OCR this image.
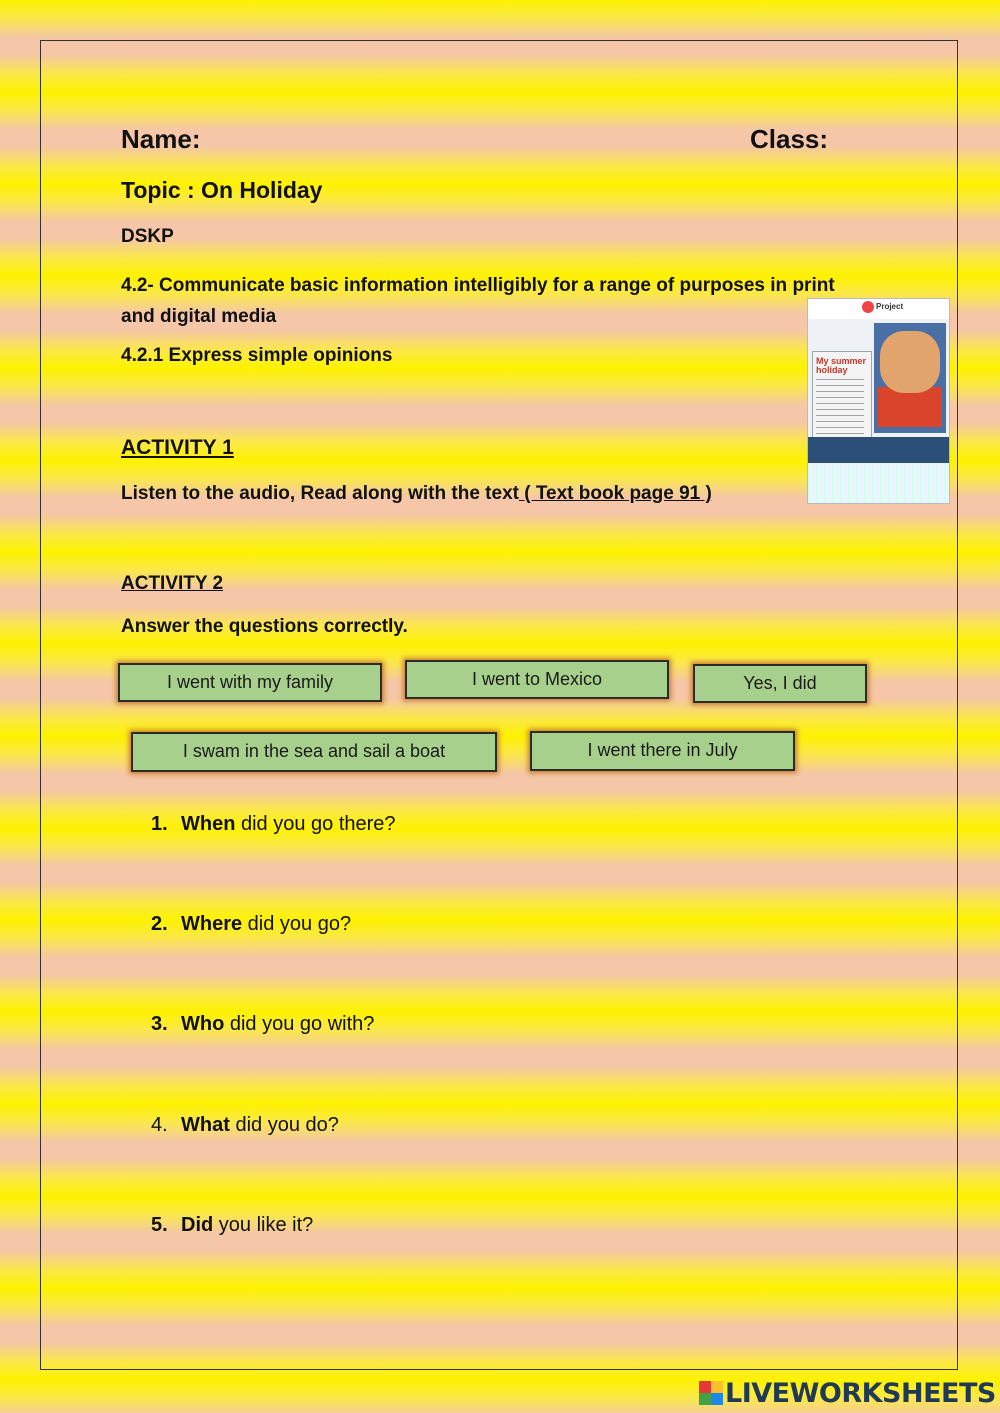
Name:	Class:
Topic : On Holiday
DSKP
4.2- Communicate basic information intelligibly for a range of purposes in print and digital media
4.2.1 Express simple opinions
Project
My summer holiday
ACTIVITY 1
Listen to the audio, Read along with the text ( Text book page 91 )
ACTIVITY 2
Answer the questions correctly.
I went with my family	I went to Mexico	Yes, I did
I swam in the sea and sail a boat	I went there in July
1. When did you go there?
2. Where did you go?
3. Who did you go with?
4. What did you do?
5. Did you like it?
LIVEWORKSHEETS
